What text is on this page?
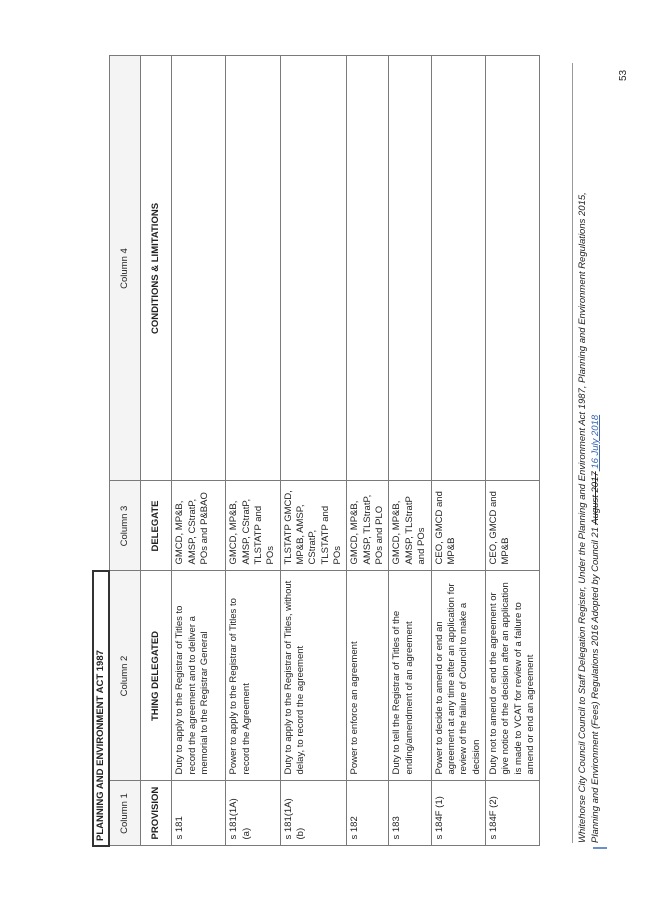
PLANNING AND ENVIRONMENT ACT 1987			
Column 1	Column 2	Column 3	Column 4
PROVISION	THING DELEGATED	DELEGATE	CONDITIONS & LIMITATIONS
s 181	Duty to apply to the Registrar of Titles to record the agreement and to deliver a memorial to the Registrar General	GMCD, MP&B, AMSP, CStratP, POs and P&BAO	
s 181(1A)(a)	Power to apply to the Registrar of Titles to record the Agreement	GMCD, MP&B, AMSP, CStratP, TLSTATP and POs	
s 181(1A)(b)	Duty to apply to the Registrar of Titles, without delay, to record the agreement	TLSTATP GMCD, MP&B, AMSP, CStratP, TLSTATP and POs	
s 182	Power to enforce an agreement	GMCD, MP&B, AMSP, TLStratP, POs and PLO	
s 183	Duty to tell the Registrar of Titles of the ending/amendment of an agreement	GMCD, MP&B, AMSP, TLStratP and POs	
s 184F (1)	Power to decide to amend or end an agreement at any time after an application for review of the failure of Council to make a decision	CEO, GMCD and MP&B	
s 184F (2)	Duty not to amend or end the agreement or give notice of the decision after an application is made to VCAT for review of a failure to amend or end an agreement	CEO, GMCD and MP&B		Whitehorse City Council Council to Staff Delegation Register, Under the Planning and Environment Act 1987, Planning and Environment Regulations 2015, Planning and Environment (Fees) Regulations 2016 Adopted by Council 21 August 2017 16 July 2018
53
